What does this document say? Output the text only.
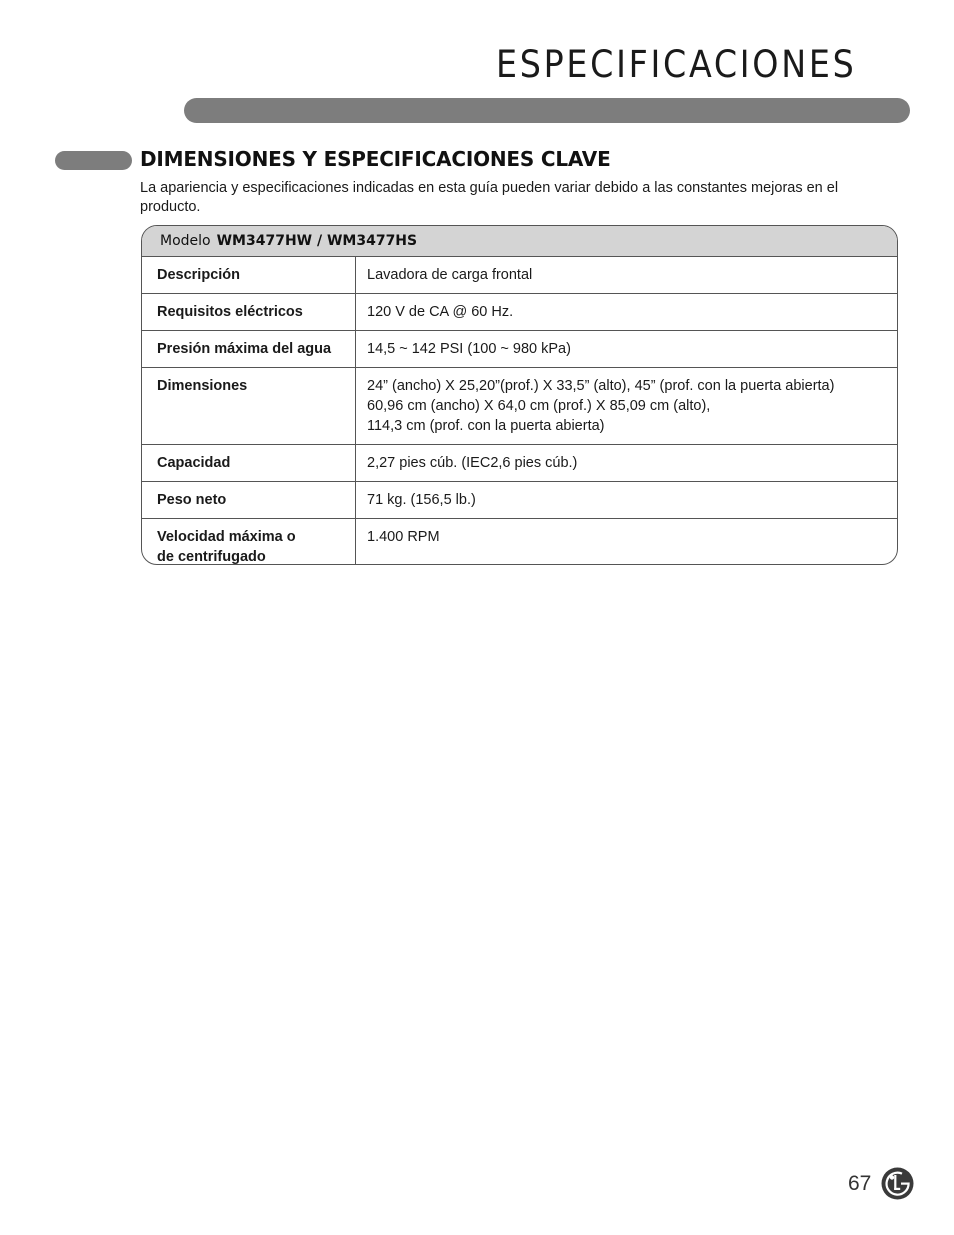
ESPECIFICACIONES
DIMENSIONES Y ESPECIFICACIONES CLAVE

La apariencia y especificaciones indicadas en esta guía pueden variar debido a las constantes mejoras en el producto.

Modelo WM3477HW / WM3477HS
Descripción	Lavadora de carga frontal
Requisitos eléctricos	120 V de CA @ 60 Hz.
Presión máxima del agua	14,5 ~ 142 PSI (100 ~ 980 kPa)
Dimensiones	24” (ancho) X 25,20”(prof.) X 33,5” (alto), 45” (prof. con la puerta abierta)
60,96 cm (ancho) X 64,0 cm (prof.) X 85,09 cm (alto),
114,3 cm (prof. con la puerta abierta)
Capacidad	2,27 pies cúb. (IEC2,6 pies cúb.)
Peso neto	71 kg. (156,5 lb.)
Velocidad máxima o
de centrifugado	1.400 RPM
67
